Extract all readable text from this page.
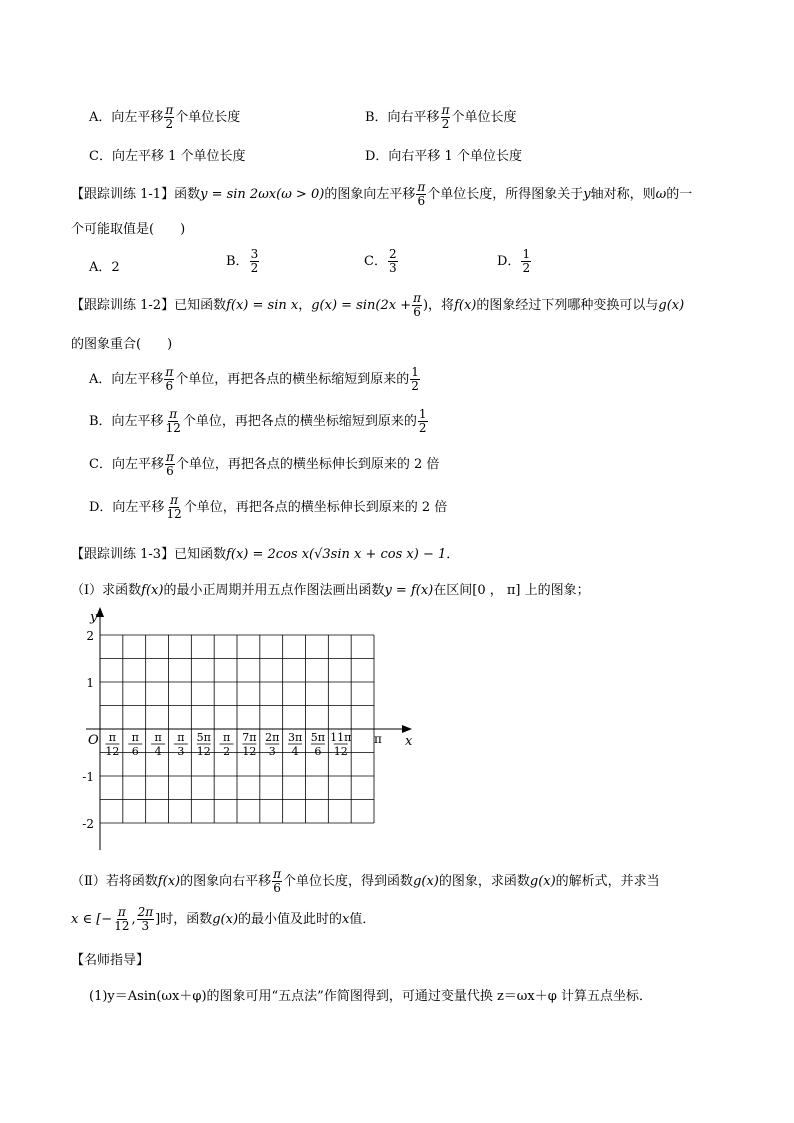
A．向左平移 $\frac{\pi}{2}$ 个单位长度	B．向右平移 $\frac{\pi}{2}$ 个单位长度
C．向左平移 1 个单位长度	D．向右平移 1 个单位长度
【跟踪训练 1-1】函数y = sin 2ωx(ω > 0)的图象向左平移 $\frac{\pi}{6}$ 个单位长度，所得图象关于y轴对称，则ω的一
个可能取值是(　　)
A．2	B． $\frac{3}{2}$	C． $\frac{2}{3}$	D． $\frac{1}{2}$
【跟踪训练 1-2】已知函数f(x) = sin x，$g(x) = \sin(2x + \frac{\pi}{6}$ )，将f(x)的图象经过下列哪种变换可以与g(x)
的图象重合(　　)
A．向左平移 $\frac{\pi}{6}$ 个单位，再把各点的横坐标缩短到原来的 $\frac{1}{2}$
B．向左平移 $\frac{\pi}{12}$ 个单位，再把各点的横坐标缩短到原来的 $\frac{1}{2}$
C．向左平移 $\frac{\pi}{6}$ 个单位，再把各点的横坐标伸长到原来的 2 倍
D．向左平移 $\frac{\pi}{12}$ 个单位，再把各点的横坐标伸长到原来的 2 倍
【跟踪训练 1-3】已知函数f(x) = 2cos x(√3sin x + cos x) − 1．
（Ⅰ）求函数f(x)的最小正周期并用五点作图法画出函数y = f(x)在区间[0 ， π] 上的图象；
y
x
O
2
1
-1
-2
π
12
π
6
π
4
π
3
5π
12
π
2
7π
12
2π
3
3π
4
5π
6
11π
12
π
（Ⅱ）若将函数f(x)的图象向右平移 $\frac{\pi}{6}$ 个单位长度，得到函数g(x)的图象，求函数g(x)的解析式，并求当
x ∈ [− $\frac{\pi}{12}$ , $\frac{2\pi}{3}$ ]时，函数g(x)的最小值及此时的x值．
【名师指导】
(1)y＝Asin(ωx＋φ)的图象可用“五点法”作简图得到，可通过变量代换 z＝ωx＋φ 计算五点坐标．
